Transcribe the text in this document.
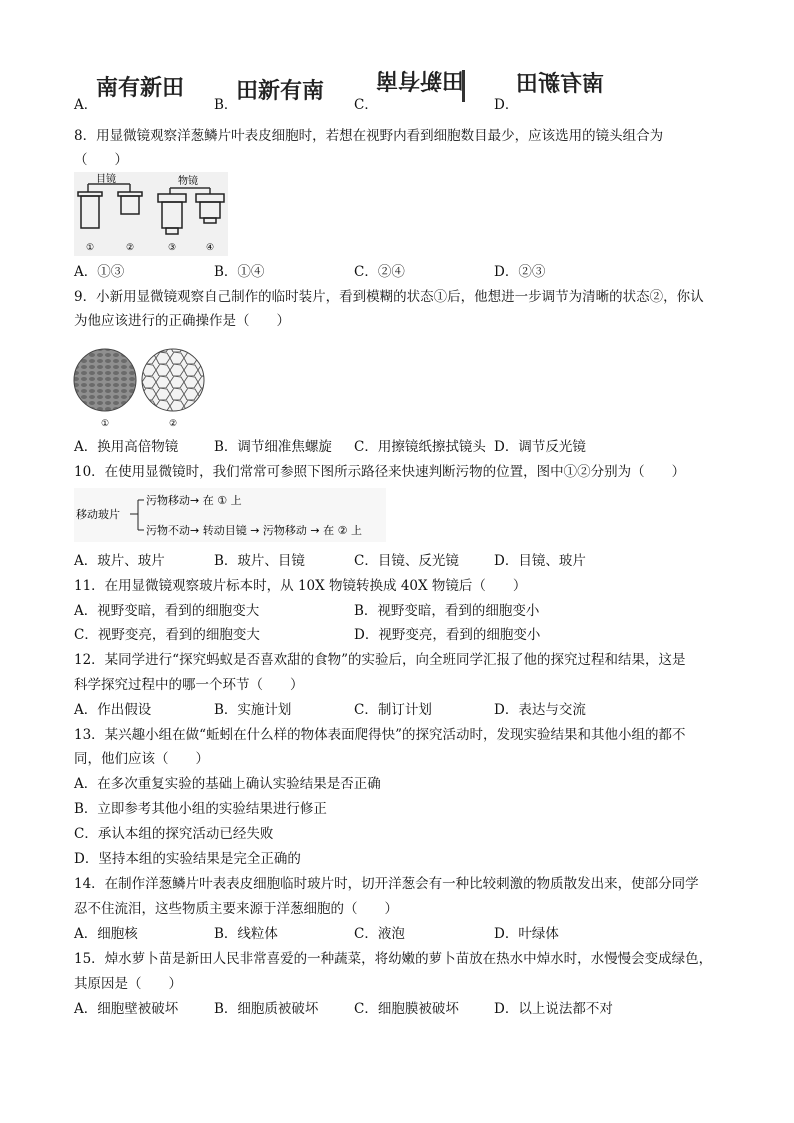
A．
南有新田
B．
田新有南
C．
田新有南
D．
南有新田
8．用显微镜观察洋葱鳞片叶表皮细胞时，若想在视野内看到细胞数目最少，应该选用的镜头组合为
（　　）
目镜	物镜
①	②	③	④
A．①③	B．①④	C．②④	D．②③
9．小新用显微镜观察自己制作的临时装片，看到模糊的状态①后，他想进一步调节为清晰的状态②，你认
为他应该进行的正确操作是（　　）
①	②
A．换用高倍物镜	B．调节细准焦螺旋 C．用擦镜纸擦拭镜头 D．调节反光镜
10．在使用显微镜时，我们常常可参照下图所示路径来快速判断污物的位置，图中①②分别为（　　）
移动玻片
污物移动→ 在 ① 上
污物不动→ 转动目镜 → 污物移动 → 在 ② 上
A．玻片、玻片	B．玻片、目镜	C．目镜、反光镜	D．目镜、玻片
11．在用显微镜观察玻片标本时，从 10X 物镜转换成 40X 物镜后（　　）
A．视野变暗，看到的细胞变大	B．视野变暗，看到的细胞变小
C．视野变亮，看到的细胞变大	D．视野变亮，看到的细胞变小
12．某同学进行“探究蚂蚁是否喜欢甜的食物”的实验后，向全班同学汇报了他的探究过程和结果，这是
科学探究过程中的哪一个环节（　　）
A．作出假设	B．实施计划	C．制订计划	D．表达与交流
13．某兴趣小组在做“蚯蚓在什么样的物体表面爬得快”的探究活动时，发现实验结果和其他小组的都不
同，他们应该（　　）
A．在多次重复实验的基础上确认实验结果是否正确
B．立即参考其他小组的实验结果进行修正
C．承认本组的探究活动已经失败
D．坚持本组的实验结果是完全正确的
14．在制作洋葱鳞片叶表表皮细胞临时玻片时，切开洋葱会有一种比较刺激的物质散发出来，使部分同学
忍不住流泪，这些物质主要来源于洋葱细胞的（　　）
A．细胞核	B．线粒体	C．液泡	D．叶绿体
15．焯水萝卜苗是新田人民非常喜爱的一种蔬菜，将幼嫩的萝卜苗放在热水中焯水时，水慢慢会变成绿色，
其原因是（　　）
A．细胞壁被破坏	B．细胞质被破坏	C．细胞膜被破坏	D．以上说法都不对
